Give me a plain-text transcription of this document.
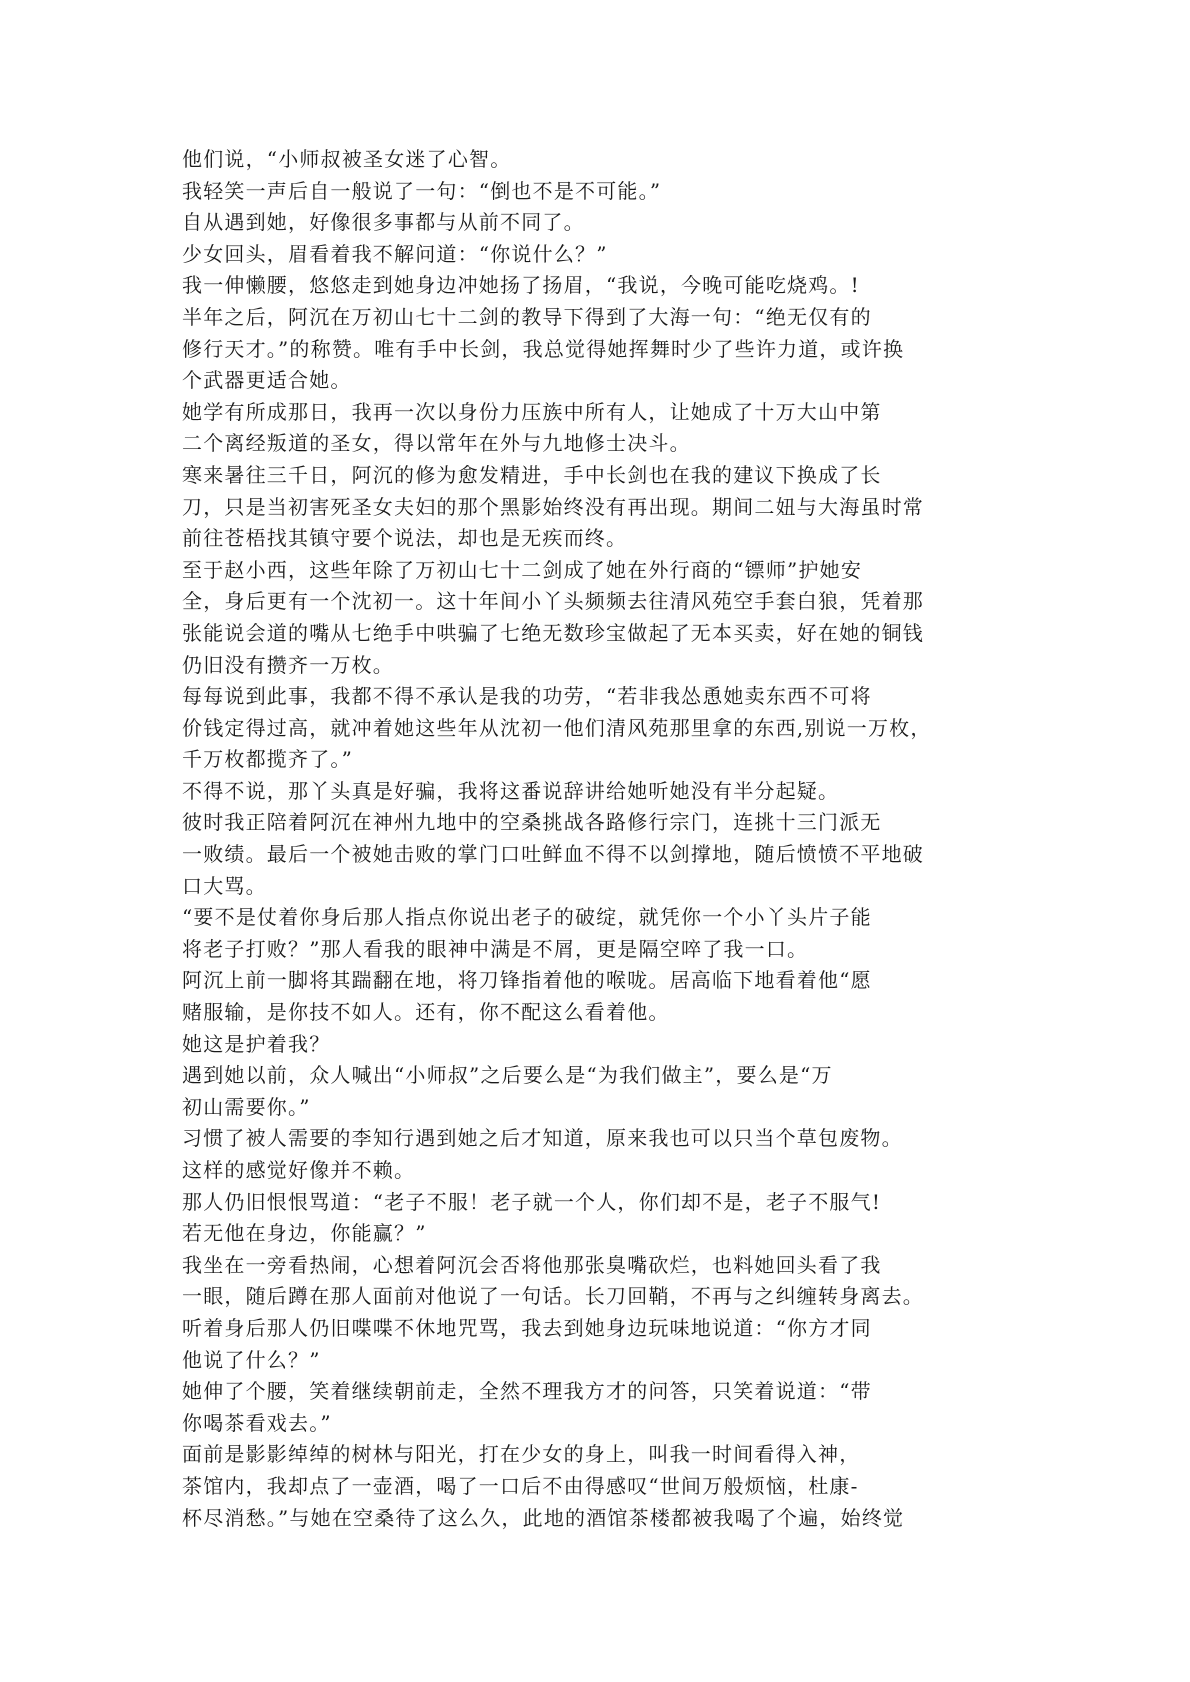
他们说，“小师叔被圣女迷了心智。
我轻笑一声后自一般说了一句：“倒也不是不可能。”
自从遇到她，好像很多事都与从前不同了。
少女回头，眉看着我不解问道：“你说什么？”
我一伸懒腰，悠悠走到她身边冲她扬了扬眉，“我说，今晚可能吃烧鸡。!
半年之后，阿沉在万初山七十二剑的教导下得到了大海一句：“绝无仅有的
修行天才。”的称赞。唯有手中长剑，我总觉得她挥舞时少了些许力道，或许换
个武器更适合她。
她学有所成那日，我再一次以身份力压族中所有人，让她成了十万大山中第
二个离经叛道的圣女，得以常年在外与九地修士决斗。
寒来暑往三千日，阿沉的修为愈发精进，手中长剑也在我的建议下换成了长
刀，只是当初害死圣女夫妇的那个黑影始终没有再出现。期间二妞与大海虽时常
前往苍梧找其镇守要个说法，却也是无疾而终。
至于赵小西，这些年除了万初山七十二剑成了她在外行商的“镖师”护她安
全，身后更有一个沈初一。这十年间小丫头频频去往清风苑空手套白狼，凭着那
张能说会道的嘴从七绝手中哄骗了七绝无数珍宝做起了无本买卖，好在她的铜钱
仍旧没有攒齐一万枚。
每每说到此事，我都不得不承认是我的功劳，“若非我怂恿她卖东西不可将
价钱定得过高，就冲着她这些年从沈初一他们清风苑那里拿的东西,别说一万枚，
千万枚都揽齐了。”
不得不说，那丫头真是好骗，我将这番说辞讲给她听她没有半分起疑。
彼时我正陪着阿沉在神州九地中的空桑挑战各路修行宗门，连挑十三门派无
一败绩。最后一个被她击败的掌门口吐鲜血不得不以剑撑地，随后愤愤不平地破
口大骂。
“要不是仗着你身后那人指点你说出老子的破绽，就凭你一个小丫头片子能
将老子打败？”那人看我的眼神中满是不屑，更是隔空啐了我一口。
阿沉上前一脚将其踹翻在地，将刀锋指着他的喉咙。居高临下地看着他“愿
赌服输，是你技不如人。还有，你不配这么看着他。
她这是护着我？
遇到她以前，众人喊出“小师叔”之后要么是“为我们做主”，要么是“万
初山需要你。”
习惯了被人需要的李知行遇到她之后才知道，原来我也可以只当个草包废物。
这样的感觉好像并不赖。
那人仍旧恨恨骂道：“老子不服！老子就一个人，你们却不是，老子不服气!
若无他在身边，你能赢？”
我坐在一旁看热闹，心想着阿沉会否将他那张臭嘴砍烂，也料她回头看了我
一眼，随后蹲在那人面前对他说了一句话。长刀回鞘，不再与之纠缠转身离去。
听着身后那人仍旧喋喋不休地咒骂，我去到她身边玩味地说道：“你方才同
他说了什么？”
她伸了个腰，笑着继续朝前走，全然不理我方才的问答，只笑着说道：“带
你喝茶看戏去。”
面前是影影绰绰的树林与阳光，打在少女的身上，叫我一时间看得入神，
茶馆内，我却点了一壶酒，喝了一口后不由得感叹“世间万般烦恼，杜康-
杯尽消愁。”与她在空桑待了这么久，此地的酒馆茶楼都被我喝了个遍，始终觉
